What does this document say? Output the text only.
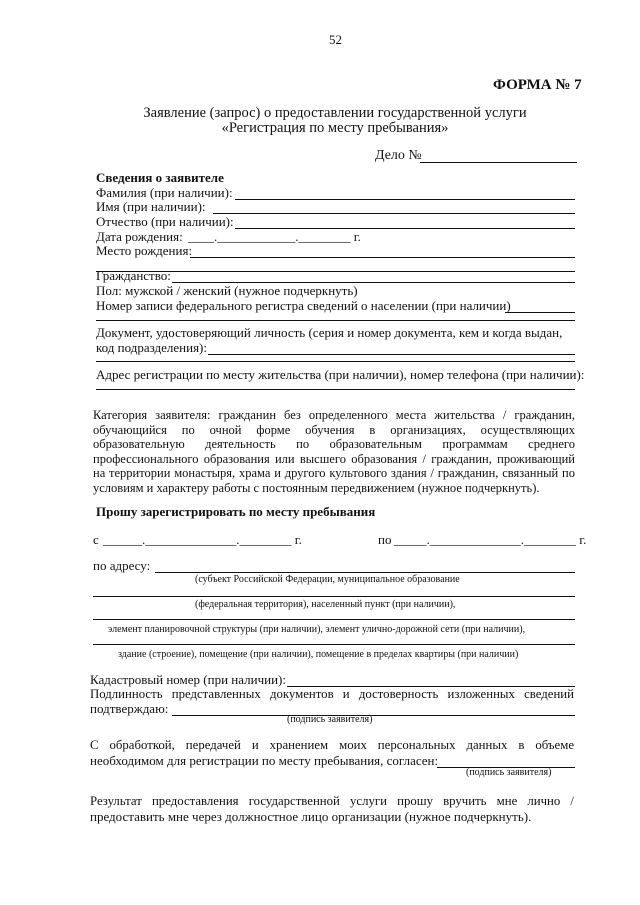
52
ФОРМА № 7
Заявление (запрос) о предоставлении государственной услуги
«Регистрация по месту пребывания»
Дело №
Сведения о заявителе
Фамилия (при наличии):
Имя (при наличии):
Отчество (при наличии):
Дата рождения: ____.____________.________ г.
Место рождения:
Гражданство:
Пол: мужской / женский (нужное подчеркнуть)
Номер записи федерального регистра сведений о населении (при наличии)
Документ, удостоверяющий личность (серия и номер документа, кем и когда выдан,
код подразделения):
Адрес регистрации по месту жительства (при наличии), номер телефона (при наличии):
Категория заявителя: гражданин без определенного места жительства / гражданин, обучающийся по очной форме обучения в организациях, осуществляющих образовательную деятельность по образовательным программам среднего профессионального образования или высшего образования / гражданин, проживающий на территории монастыря, храма и другого культового здания / гражданин, связанный по условиям и характеру работы с постоянным передвижением (нужное подчеркнуть).
Прошу зарегистрировать по месту пребывания
с ______.______________.________ г.	по _____.______________.________ г.
по адресу:
(субъект Российской Федерации, муниципальное образование
(федеральная территория), населенный пункт (при наличии),
элемент планировочной структуры (при наличии), элемент улично-дорожной сети (при наличии),
здание (строение), помещение (при наличии), помещение в пределах квартиры (при наличии)
Кадастровый номер (при наличии):
Подлинность представленных документов и достоверность изложенных сведений
подтверждаю:
(подпись заявителя)
С обработкой, передачей и хранением моих персональных данных в объеме
необходимом для регистрации по месту пребывания, согласен:
(подпись заявителя)
Результат предоставления государственной услуги прошу вручить мне лично /
предоставить мне через должностное лицо организации (нужное подчеркнуть).
